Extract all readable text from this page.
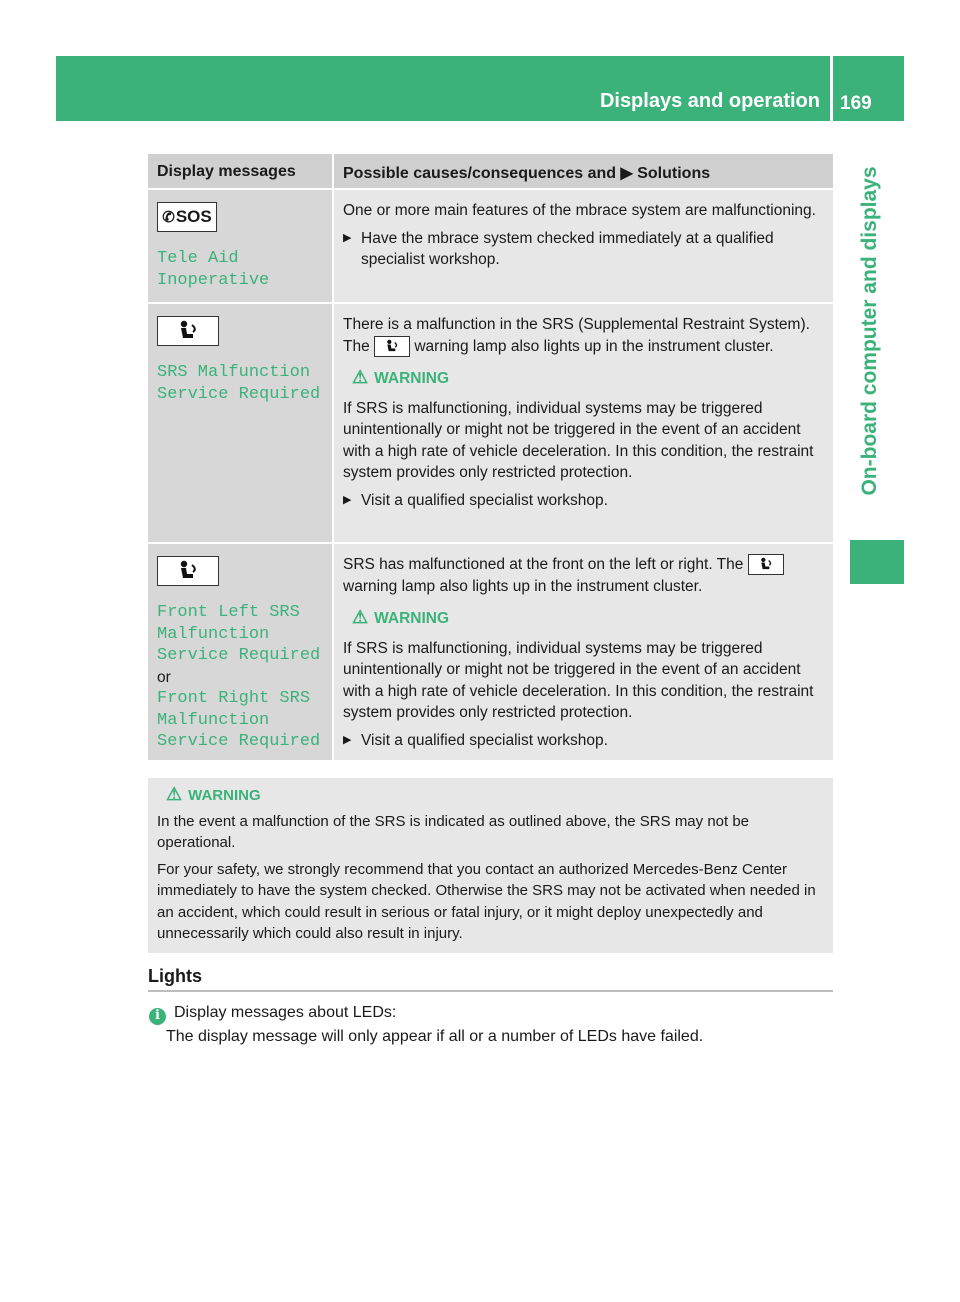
Displays and operation 169
On-board computer and displays
Display messages	Possible causes/consequences and ▶ Solutions
✆ SOS
Tele Aid
Inoperative

One or more main features of the mbrace system are malfunctioning.

▶ Have the mbrace system checked immediately at a qualified specialist workshop.
SRS Malfunction
Service Required

There is a malfunction in the SRS (Supplemental Restraint System). The	warning lamp also lights up in the instrument cluster.

⚠ WARNING

If SRS is malfunctioning, individual systems may be triggered unintentionally or might not be triggered in the event of an accident with a high rate of vehicle deceleration. In this condition, the restraint system provides only restricted protection.

▶ Visit a qualified specialist workshop.
Front Left SRS
Malfunction
Service Required
or
Front Right SRS
Malfunction
Service Required

SRS has malfunctioned at the front on the left or right. The
warning lamp also lights up in the instrument cluster.

⚠ WARNING

If SRS is malfunctioning, individual systems may be triggered unintentionally or might not be triggered in the event of an accident with a high rate of vehicle deceleration. In this condition, the restraint system provides only restricted protection.

▶ Visit a qualified specialist workshop.
⚠ WARNING

In the event a malfunction of the SRS is indicated as outlined above, the SRS may not be operational.

For your safety, we strongly recommend that you contact an authorized Mercedes-Benz Center immediately to have the system checked. Otherwise the SRS may not be activated when needed in an accident, which could result in serious or fatal injury, or it might deploy unexpectedly and unnecessarily which could also result in injury.

Lights
i Display messages about LEDs:
The display message will only appear if all or a number of LEDs have failed.
